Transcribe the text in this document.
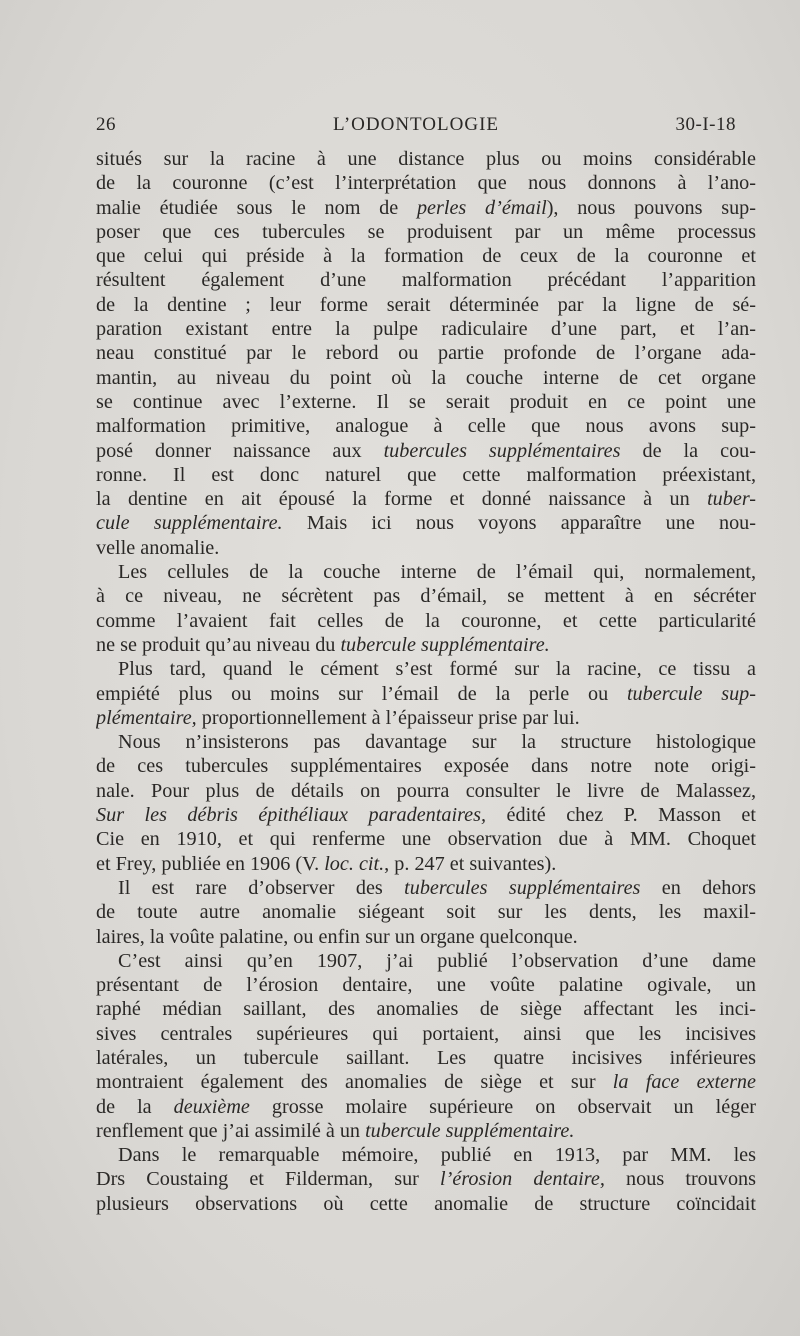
26	L’ODONTOLOGIE	30-I-18
situés sur la racine à une distance plus ou moins considérable
de la couronne (c’est l’interprétation que nous donnons à l’ano-
malie étudiée sous le nom de perles d’émail), nous pouvons sup-
poser que ces tubercules se produisent par un même processus
que celui qui préside à la formation de ceux de la couronne et
résultent également d’une malformation précédant l’apparition
de la dentine ; leur forme serait déterminée par la ligne de sé-
paration existant entre la pulpe radiculaire d’une part, et l’an-
neau constitué par le rebord ou partie profonde de l’organe ada-
mantin, au niveau du point où la couche interne de cet organe
se continue avec l’externe. Il se serait produit en ce point une
malformation primitive, analogue à celle que nous avons sup-
posé donner naissance aux tubercules supplémentaires de la cou-
ronne. Il est donc naturel que cette malformation préexistant,
la dentine en ait épousé la forme et donné naissance à un tuber-
cule supplémentaire. Mais ici nous voyons apparaître une nou-
velle anomalie.
Les cellules de la couche interne de l’émail qui, normalement,
à ce niveau, ne sécrètent pas d’émail, se mettent à en sécréter
comme l’avaient fait celles de la couronne, et cette particularité
ne se produit qu’au niveau du tubercule supplémentaire.
Plus tard, quand le cément s’est formé sur la racine, ce tissu a
empiété plus ou moins sur l’émail de la perle ou tubercule sup-
plémentaire, proportionnellement à l’épaisseur prise par lui.
Nous n’insisterons pas davantage sur la structure histologique
de ces tubercules supplémentaires exposée dans notre note origi-
nale. Pour plus de détails on pourra consulter le livre de Malassez,
Sur les débris épithéliaux paradentaires, édité chez P. Masson et
Cie en 1910, et qui renferme une observation due à MM. Choquet
et Frey, publiée en 1906 (V. loc. cit., p. 247 et suivantes).
Il est rare d’observer des tubercules supplémentaires en dehors
de toute autre anomalie siégeant soit sur les dents, les maxil-
laires, la voûte palatine, ou enfin sur un organe quelconque.
C’est ainsi qu’en 1907, j’ai publié l’observation d’une dame
présentant de l’érosion dentaire, une voûte palatine ogivale, un
raphé médian saillant, des anomalies de siège affectant les inci-
sives centrales supérieures qui portaient, ainsi que les incisives
latérales, un tubercule saillant. Les quatre incisives inférieures
montraient également des anomalies de siège et sur la face externe
de la deuxième grosse molaire supérieure on observait un léger
renflement que j’ai assimilé à un tubercule supplémentaire.
Dans le remarquable mémoire, publié en 1913, par MM. les
Drs Coustaing et Filderman, sur l’érosion dentaire, nous trouvons
plusieurs observations où cette anomalie de structure coïncidait
